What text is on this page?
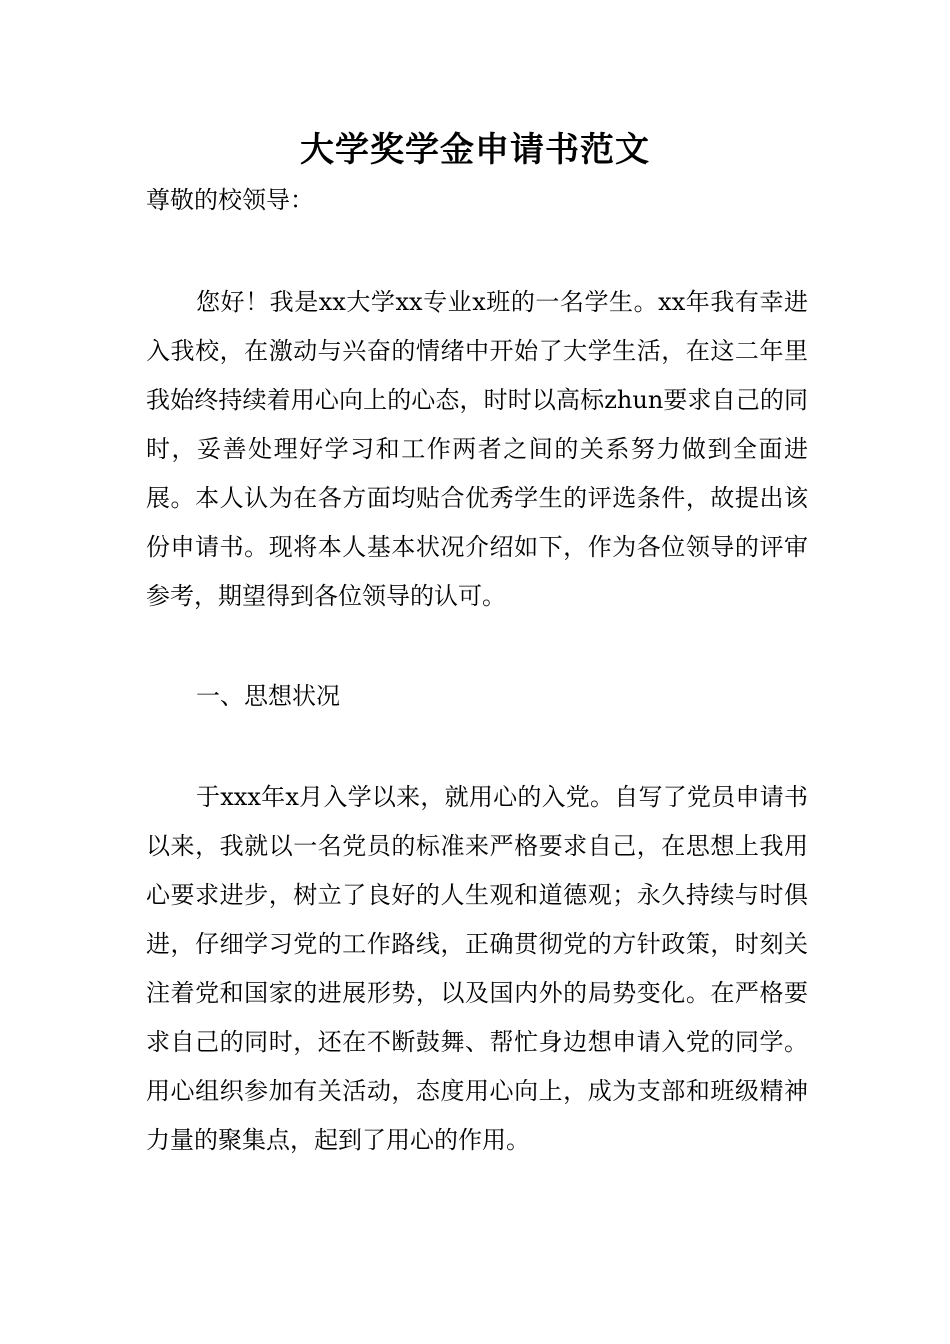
大学奖学金申请书范文
尊敬的校领导：
您好！我是xx大学xx专业x班的一名学生。xx年我有幸进入我校，在激动与兴奋的情绪中开始了大学生活，在这二年里我始终持续着用心向上的心态，时时以高标zhun要求自己的同时，妥善处理好学习和工作两者之间的关系努力做到全面进展。本人认为在各方面均贴合优秀学生的评选条件，故提出该份申请书。现将本人基本状况介绍如下，作为各位领导的评审参考，期望得到各位领导的认可。
一、思想状况
于xxx年x月入学以来，就用心的入党。自写了党员申请书以来，我就以一名党员的标准来严格要求自己，在思想上我用心要求进步，树立了良好的人生观和道德观；永久持续与时俱进，仔细学习党的工作路线，正确贯彻党的方针政策，时刻关注着党和国家的进展形势，以及国内外的局势变化。在严格要求自己的同时，还在不断鼓舞、帮忙身边想申请入党的同学。用心组织参加有关活动，态度用心向上，成为支部和班级精神力量的聚集点，起到了用心的作用。
